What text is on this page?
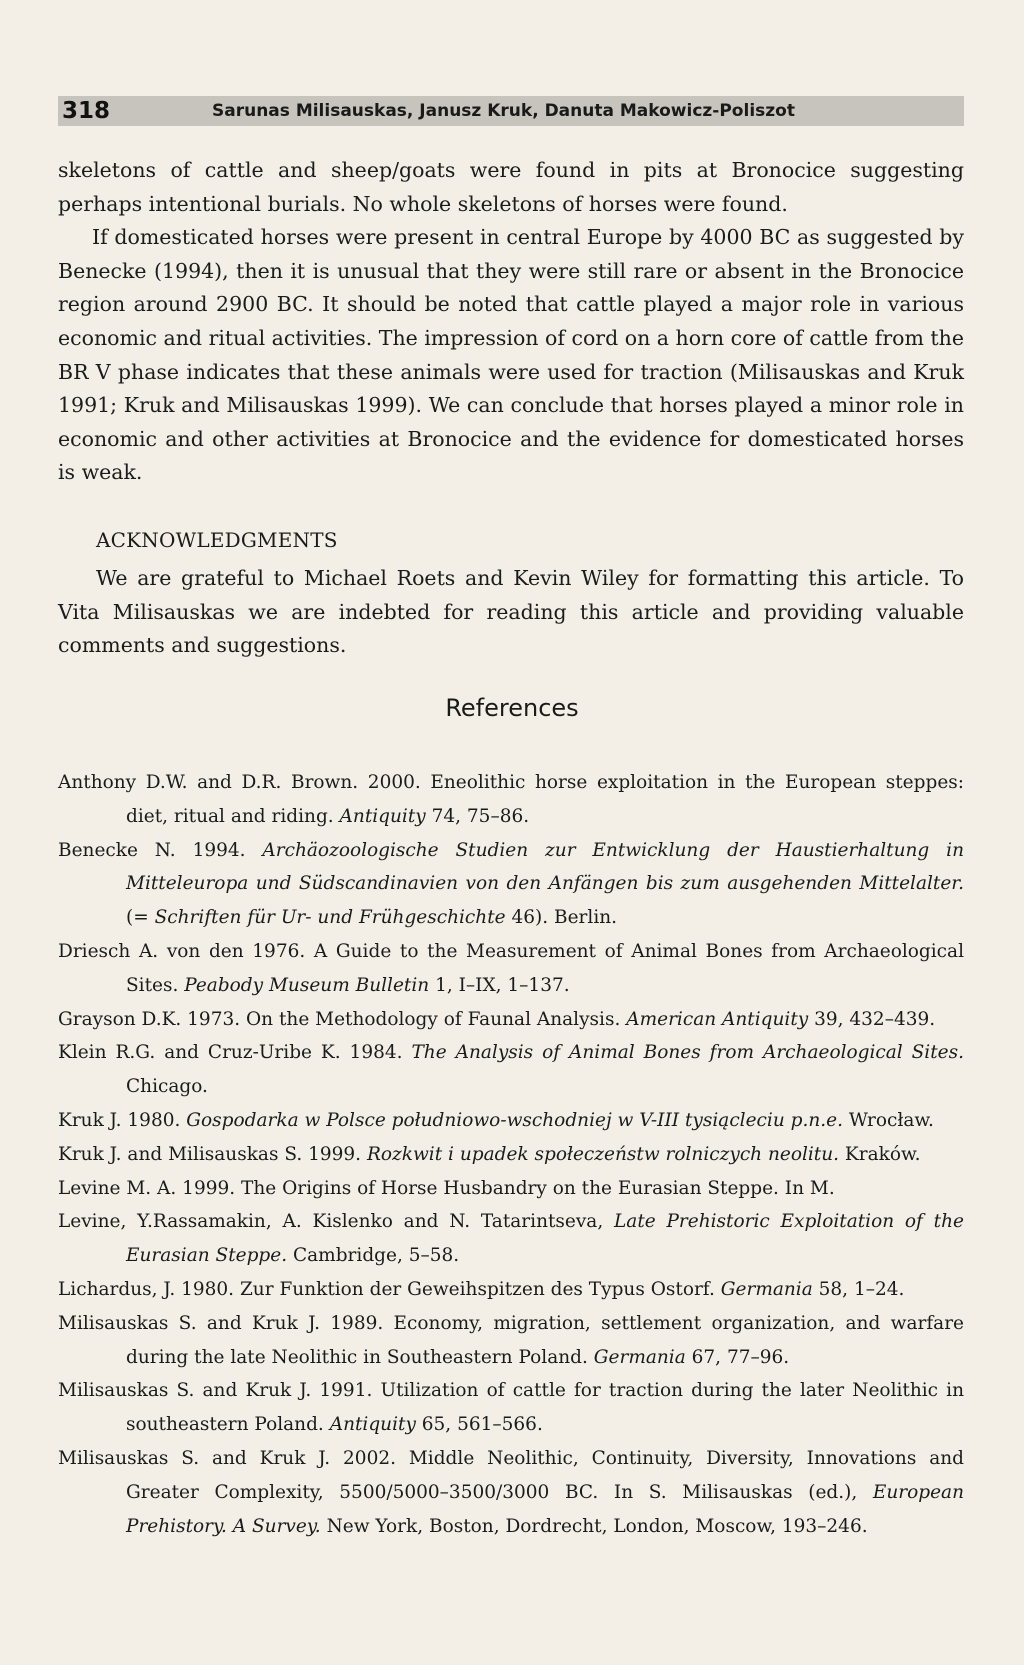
318	Sarunas Milisauskas, Janusz Kruk, Danuta Makowicz-Poliszot

skeletons of cattle and sheep/goats were found in pits at Bronocice suggesting perhaps intentional burials. No whole skeletons of horses were found.

If domesticated horses were present in central Europe by 4000 BC as suggested by Benecke (1994), then it is unusual that they were still rare or absent in the Bronocice region around 2900 BC. It should be noted that cattle played a major role in various economic and ritual activities. The impression of cord on a horn core of cattle from the BR V phase indicates that these animals were used for traction (Milisauskas and Kruk 1991; Kruk and Milisauskas 1999). We can conclude that horses played a minor role in economic and other activities at Bronocice and the evidence for domesticated horses is weak.

ACKNOWLEDGMENTS

We are grateful to Michael Roets and Kevin Wiley for formatting this article. To Vita Milisauskas we are indebted for reading this article and providing valuable comments and suggestions.

References

Anthony D.W. and D.R. Brown. 2000. Eneolithic horse exploitation in the European steppes: diet, ritual and riding. Antiquity 74, 75–86.

Benecke N. 1994. Archäozoologische Studien zur Entwicklung der Haustierhaltung in Mitteleuropa und Südscandinavien von den Anfängen bis zum ausgehenden Mittelalter. (= Schriften für Ur- und Frühgeschichte 46). Berlin.

Driesch A. von den 1976. A Guide to the Measurement of Animal Bones from Archaeological Sites. Peabody Museum Bulletin 1, I–IX, 1–137.

Grayson D.K. 1973. On the Methodology of Faunal Analysis. American Antiquity 39, 432–439.

Klein R.G. and Cruz-Uribe K. 1984. The Analysis of Animal Bones from Archaeological Sites. Chicago.

Kruk J. 1980. Gospodarka w Polsce południowo-wschodniej w V-III tysiącleciu p.n.e. Wrocław.

Kruk J. and Milisauskas S. 1999. Rozkwit i upadek społeczeństw rolniczych neolitu. Kraków.

Levine M. A. 1999. The Origins of Horse Husbandry on the Eurasian Steppe. In M.

Levine, Y.Rassamakin, A. Kislenko and N. Tatarintseva, Late Prehistoric Exploitation of the Eurasian Steppe. Cambridge, 5–58.

Lichardus, J. 1980. Zur Funktion der Geweihspitzen des Typus Ostorf. Germania 58, 1–24.

Milisauskas S. and Kruk J. 1989. Economy, migration, settlement organization, and warfare during the late Neolithic in Southeastern Poland. Germania 67, 77–96.

Milisauskas S. and Kruk J. 1991. Utilization of cattle for traction during the later Neolithic in southeastern Poland. Antiquity 65, 561–566.

Milisauskas S. and Kruk J. 2002. Middle Neolithic, Continuity, Diversity, Innovations and Greater Complexity, 5500/5000–3500/3000 BC. In S. Milisauskas (ed.), European Prehistory. A Survey. New York, Boston, Dordrecht, London, Moscow, 193–246.
